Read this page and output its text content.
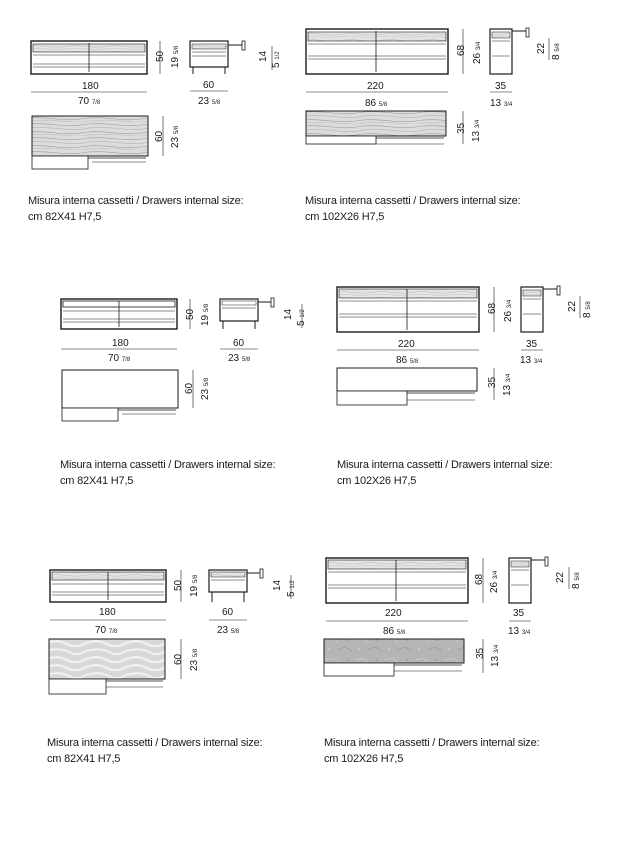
50
19 5/8
180
70 7/8
60
23 5/8
14
5 1/2
60
23 5/8
Misura interna cassetti / Drawers internal size:
cm 82X41 H7,5
68
26 3/4
220
86 5/8
35
13 3/4
22
8 5/8
35
13 3/4
Misura interna cassetti / Drawers internal size:
cm 102X26 H7,5
50
19 5/8
180
70 7/8
60
23 5/8
14
5 1/2
60
23 5/8
Misura interna cassetti / Drawers internal size:
cm 82X41 H7,5
68
26 3/4
220
86 5/8
35
13 3/4
22
8 5/8
35
13 3/4
Misura interna cassetti / Drawers internal size:
cm 102X26 H7,5
50
19 5/8
180
70 7/8
60
23 5/8
14
5 1/2
60
23 5/8
Misura interna cassetti / Drawers internal size:
cm 82X41 H7,5
68
26 3/4
220
86 5/8
35
13 3/4
22
8 5/8
35
13 3/4
Misura interna cassetti / Drawers internal size:
cm 102X26 H7,5
